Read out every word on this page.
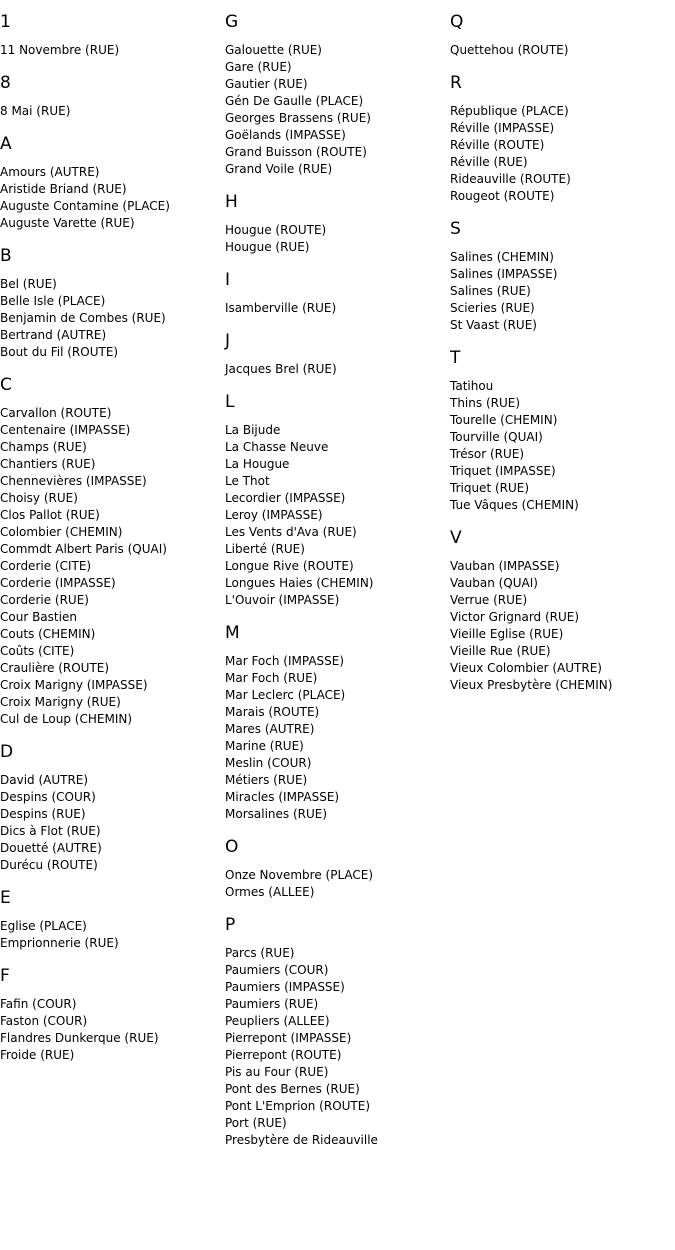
1
11 Novembre (RUE)
8
8 Mai (RUE)
A
Amours (AUTRE)
Aristide Briand (RUE)
Auguste Contamine (PLACE)
Auguste Varette (RUE)
B
Bel (RUE)
Belle Isle (PLACE)
Benjamin de Combes (RUE)
Bertrand (AUTRE)
Bout du Fil (ROUTE)
C
Carvallon (ROUTE)
Centenaire (IMPASSE)
Champs (RUE)
Chantiers (RUE)
Chennevières (IMPASSE)
Choisy (RUE)
Clos Pallot (RUE)
Colombier (CHEMIN)
Commdt Albert Paris (QUAI)
Corderie (CITE)
Corderie (IMPASSE)
Corderie (RUE)
Cour Bastien
Couts (CHEMIN)
Coûts (CITE)
Craulière (ROUTE)
Croix Marigny (IMPASSE)
Croix Marigny (RUE)
Cul de Loup (CHEMIN)
D
David (AUTRE)
Despins (COUR)
Despins (RUE)
Dics à Flot (RUE)
Douetté (AUTRE)
Durécu (ROUTE)
E
Eglise (PLACE)
Emprionnerie (RUE)
F
Fafin (COUR)
Faston (COUR)
Flandres Dunkerque (RUE)
Froide (RUE)
G
Galouette (RUE)
Gare (RUE)
Gautier (RUE)
Gén De Gaulle (PLACE)
Georges Brassens (RUE)
Goëlands (IMPASSE)
Grand Buisson (ROUTE)
Grand Voile (RUE)
H
Hougue (ROUTE)
Hougue (RUE)
I
Isamberville (RUE)
J
Jacques Brel (RUE)
L
La Bijude
La Chasse Neuve
La Hougue
Le Thot
Lecordier (IMPASSE)
Leroy (IMPASSE)
Les Vents d'Ava (RUE)
Liberté (RUE)
Longue Rive (ROUTE)
Longues Haies (CHEMIN)
L'Ouvoir (IMPASSE)
M
Mar Foch (IMPASSE)
Mar Foch (RUE)
Mar Leclerc (PLACE)
Marais (ROUTE)
Mares (AUTRE)
Marine (RUE)
Meslin (COUR)
Métiers (RUE)
Miracles (IMPASSE)
Morsalines (RUE)
O
Onze Novembre (PLACE)
Ormes (ALLEE)
P
Parcs (RUE)
Paumiers (COUR)
Paumiers (IMPASSE)
Paumiers (RUE)
Peupliers (ALLEE)
Pierrepont (IMPASSE)
Pierrepont (ROUTE)
Pis au Four (RUE)
Pont des Bernes (RUE)
Pont L'Emprion (ROUTE)
Port (RUE)
Presbytère de Rideauville
Q
Quettehou (ROUTE)
R
République (PLACE)
Réville (IMPASSE)
Réville (ROUTE)
Réville (RUE)
Rideauville (ROUTE)
Rougeot (ROUTE)
S
Salines (CHEMIN)
Salines (IMPASSE)
Salines (RUE)
Scieries (RUE)
St Vaast (RUE)
T
Tatihou
Thins (RUE)
Tourelle (CHEMIN)
Tourville (QUAI)
Trésor (RUE)
Triquet (IMPASSE)
Triquet (RUE)
Tue Vâques (CHEMIN)
V
Vauban (IMPASSE)
Vauban (QUAI)
Verrue (RUE)
Victor Grignard (RUE)
Vieille Eglise (RUE)
Vieille Rue (RUE)
Vieux Colombier (AUTRE)
Vieux Presbytère (CHEMIN)
